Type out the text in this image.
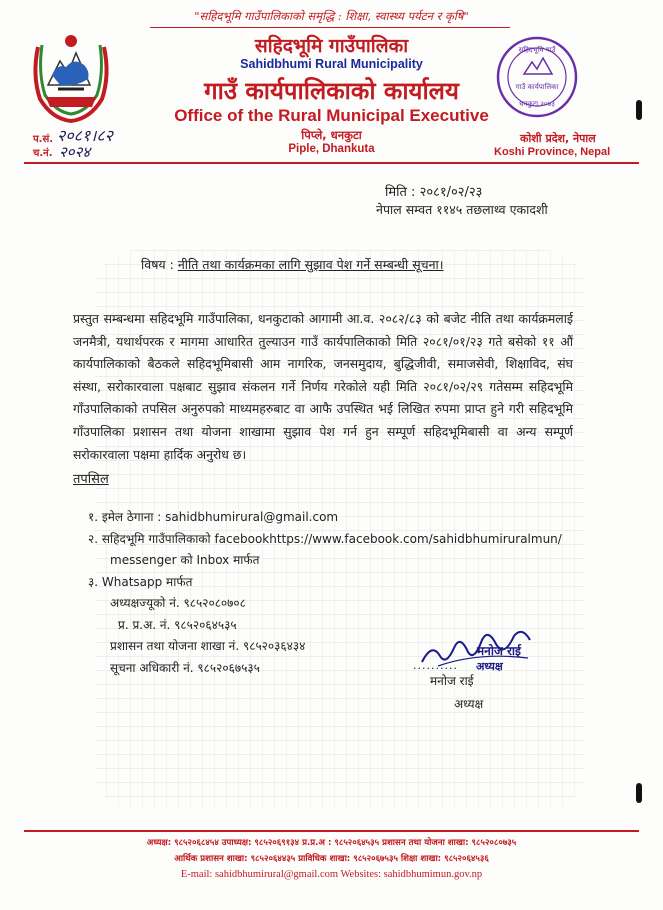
"सहिदभूमि गाउँपालिकाको समृद्धि : शिक्षा, स्वास्थ्य पर्यटन र कृषि"
सहिदभूमि गाउँपालिका
Sahidbhumi Rural Municipality
गाउँ कार्यपालिकाको कार्यालय
Office of the Rural Municipal Executive
पिप्ले, धनकुटा
Piple, Dhankuta
कोशी प्रदेश, नेपाल
Koshi Province, Nepal
सहिदभूमि गाउँ
गाउँ कार्यपालिका
धनकुटा,२०७३
प.सं. २०८१।८२
च.नं. २०२४
मिति : २०८१/०२/२३
नेपाल सम्वत ११४५ तछलाथ्व एकादशी
विषय : नीति तथा कार्यक्रमका लागि सुझाव पेश गर्ने सम्बन्धी सूचना।
प्रस्तुत सम्बन्धमा सहिदभूमि गाउँपालिका, धनकुटाको आगामी आ.व. २०८२/८३ को बजेट नीति तथा कार्यक्रमलाई जनमैत्री, यथार्थपरक र मागमा आधारित तुल्याउन गाउँ कार्यपालिकाको मिति २०८१/०१/२३ गते बसेको ११ औं कार्यपालिकाको बैठकले सहिदभूमिबासी आम नागरिक, जनसमुदाय, बुद्धिजीवी, समाजसेवी, शिक्षाविद, संघ संस्था, सरोकारवाला पक्षबाट सुझाव संकलन गर्ने निर्णय गरेकोले यही मिति २०८१/०२/२९ गतेसम्म सहिदभूमि गाँउपालिकाको तपसिल अनुरुपको माध्यमहरुबाट वा आफै उपस्थित भई लिखित रुपमा प्राप्त हुने गरी सहिदभूमि गाँउपालिका प्रशासन तथा योजना शाखामा सुझाव पेश गर्न हुन सम्पूर्ण सहिदभूमिबासी वा अन्य सम्पूर्ण सरोकारवाला पक्षमा हार्दिक अनुरोध छ।
तपसिल
१. इमेल ठेगाना : sahidbhumirural@gmail.com
२. सहिदभूमि गाउँपालिकाको facebookhttps://www.facebook.com/sahidbhumiruralmun/
messenger को Inbox मार्फत
३. Whatsapp मार्फत
अध्यक्षज्यूको नं. ९८५२०८०७०८
प्र. प्र.अ. नं. ९८५२०६४५३५
प्रशासन तथा योजना शाखा नं. ९८५२०३६४३४
सूचना अधिकारी नं. ९८५२०६७५३५
मनोज राई
.......... अध्यक्ष
मनोज राई
अध्यक्ष
अध्यक्ष: ९८५२०६८४५४ उपाध्यक्ष: ९८५२०६९१३४ प्र.प्र.अ : ९८५२०६४५३५ प्रशासन तथा योजना शाखा: ९८५२०८०७३५
आर्थिक प्रशासन शाखा: ९८५२०६४४३५ प्राविधिक शाखा: ९८५२०६७५३५ शिक्षा शाखा: ९८५२०६४५३६
E-mail: sahidbhumirural@gmail.com Websites: sahidbhumimun.gov.np
